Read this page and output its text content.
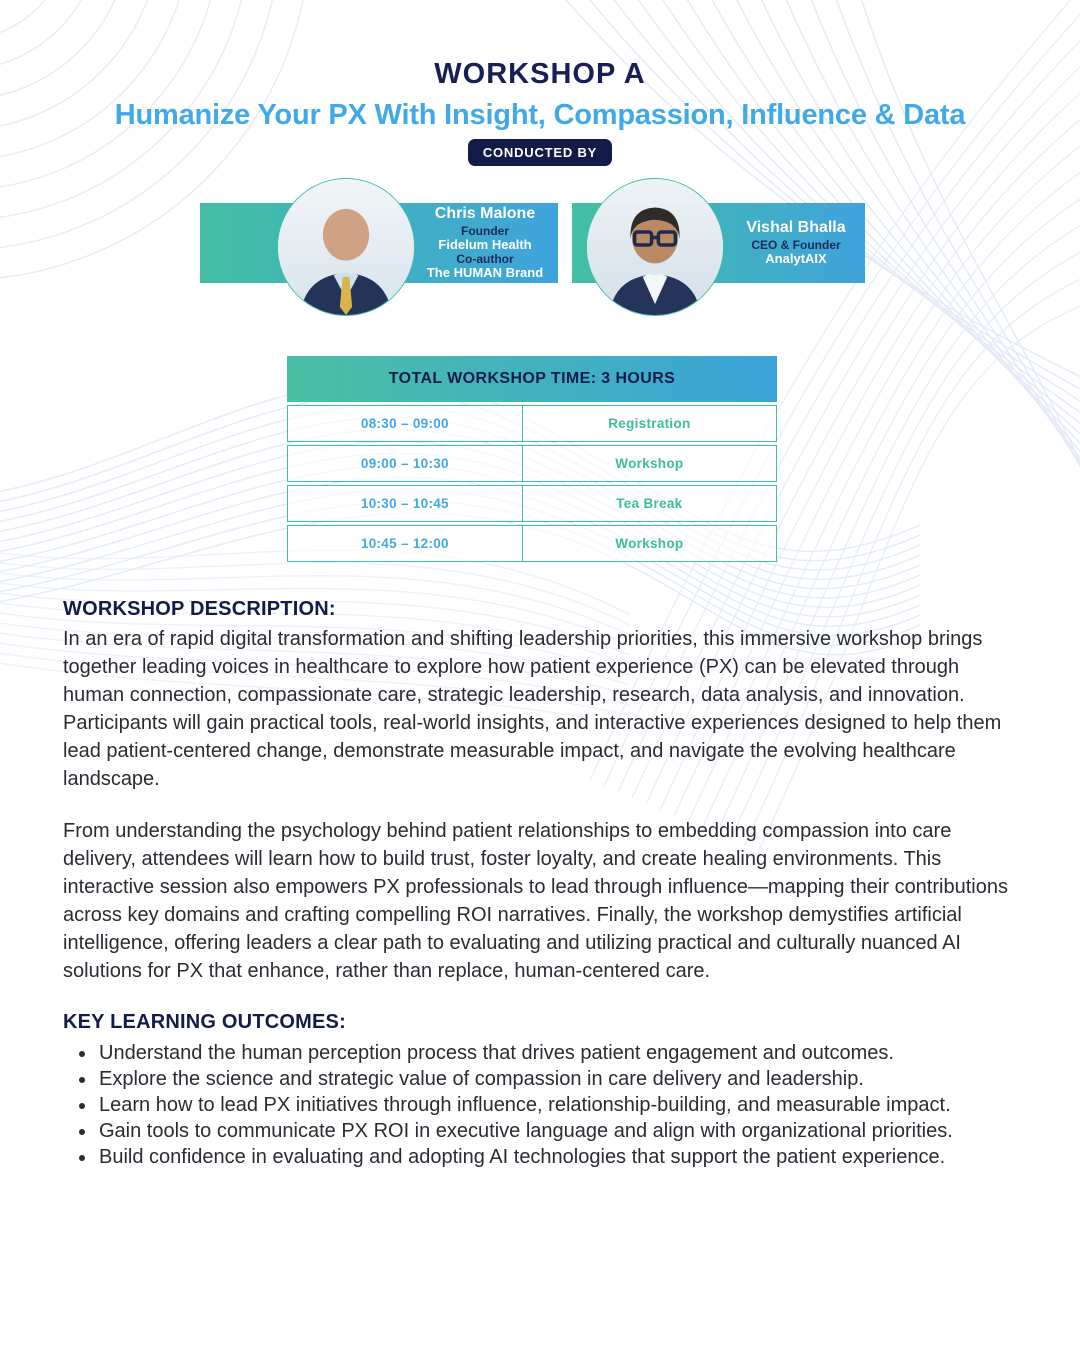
WORKSHOP A
Humanize Your PX With Insight, Compassion, Influence & Data
CONDUCTED BY
Chris Malone
Founder
Fidelum Health
Co-author
The HUMAN Brand
Vishal Bhalla
CEO & Founder
AnalytAIX
TOTAL WORKSHOP TIME: 3 HOURS
08:30 – 09:00	Registration
09:00 – 10:30	Workshop
10:30 – 10:45	Tea Break
10:45 – 12:00	Workshop
WORKSHOP DESCRIPTION:

In an era of rapid digital transformation and shifting leadership priorities, this immersive workshop brings together leading voices in healthcare to explore how patient experience (PX) can be elevated through human connection, compassionate care, strategic leadership, research, data analysis, and innovation. Participants will gain practical tools, real-world insights, and interactive experiences designed to help them lead patient-centered change, demonstrate measurable impact, and navigate the evolving healthcare landscape.

From understanding the psychology behind patient relationships to embedding compassion into care delivery, attendees will learn how to build trust, foster loyalty, and create healing environments. This interactive session also empowers PX professionals to lead through influence—mapping their contributions across key domains and crafting compelling ROI narratives. Finally, the workshop demystifies artificial intelligence, offering leaders a clear path to evaluating and utilizing practical and culturally nuanced AI solutions for PX that enhance, rather than replace, human-centered care.

KEY LEARNING OUTCOMES:
• Understand the human perception process that drives patient engagement and outcomes.
• Explore the science and strategic value of compassion in care delivery and leadership.
• Learn how to lead PX initiatives through influence, relationship-building, and measurable impact.
• Gain tools to communicate PX ROI in executive language and align with organizational priorities.
• Build confidence in evaluating and adopting AI technologies that support the patient experience.
